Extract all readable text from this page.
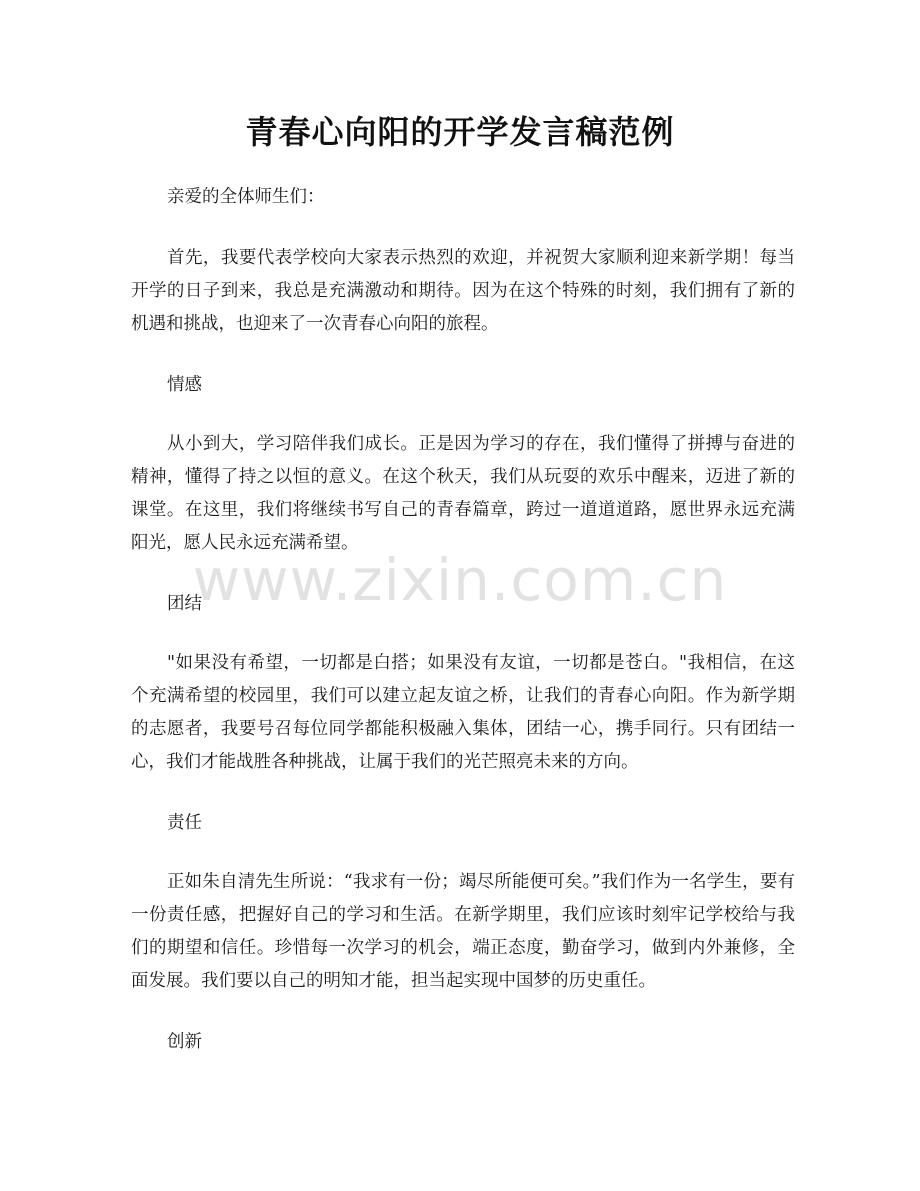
青春心向阳的开学发言稿范例

亲爱的全体师生们：

首先，我要代表学校向大家表示热烈的欢迎，并祝贺大家顺利迎来新学期！每当开学的日子到来，我总是充满激动和期待。因为在这个特殊的时刻，我们拥有了新的机遇和挑战，也迎来了一次青春心向阳的旅程。

情感

从小到大，学习陪伴我们成长。正是因为学习的存在，我们懂得了拼搏与奋进的精神，懂得了持之以恒的意义。在这个秋天，我们从玩耍的欢乐中醒来，迈进了新的课堂。在这里，我们将继续书写自己的青春篇章，跨过一道道道路，愿世界永远充满阳光，愿人民永远充满希望。

团结

"如果没有希望，一切都是白搭；如果没有友谊，一切都是苍白。"我相信，在这个充满希望的校园里，我们可以建立起友谊之桥，让我们的青春心向阳。作为新学期的志愿者，我要号召每位同学都能积极融入集体，团结一心，携手同行。只有团结一心，我们才能战胜各种挑战，让属于我们的光芒照亮未来的方向。

责任

正如朱自清先生所说：“我求有一份；竭尽所能便可矣。”我们作为一名学生，要有一份责任感，把握好自己的学习和生活。在新学期里，我们应该时刻牢记学校给与我们的期望和信任。珍惜每一次学习的机会，端正态度，勤奋学习，做到内外兼修，全面发展。我们要以自己的明知才能，担当起实现中国梦的历史重任。

创新

www.zixin.com.cn
